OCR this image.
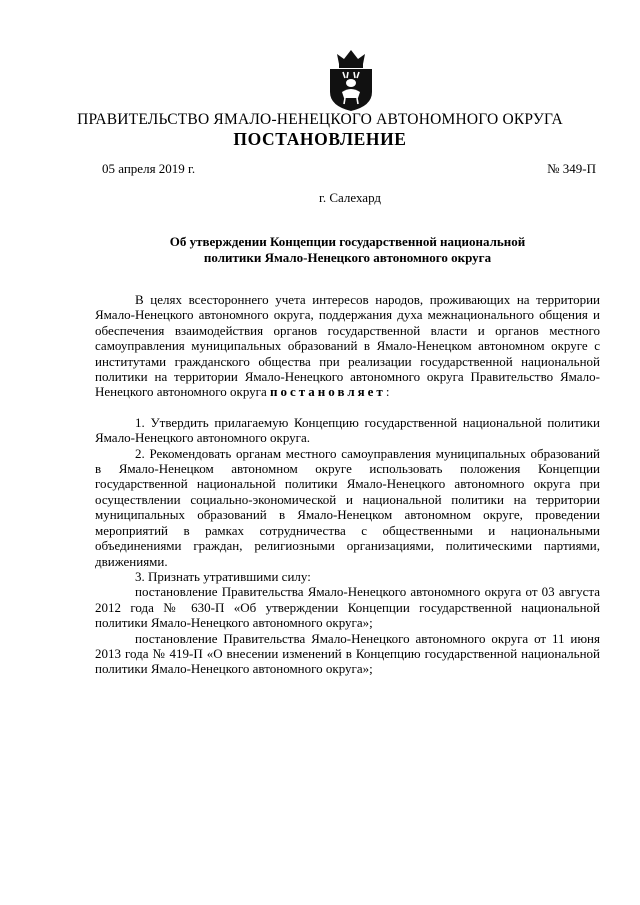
ПРАВИТЕЛЬСТВО ЯМАЛО-НЕНЕЦКОГО АВТОНОМНОГО ОКРУГА
ПОСТАНОВЛЕНИЕ
05 апреля 2019 г.	№ 349-П
г. Салехард
Об утверждении Концепции государственной национальной
политики Ямало-Ненецкого автономного округа

В целях всестороннего учета интересов народов, проживающих на территории Ямало-Ненецкого автономного округа, поддержания духа межнационального общения и обеспечения взаимодействия органов государственной власти и органов местного самоуправления муниципальных образований в Ямало-Ненецком автономном округе с институтами гражданского общества при реализации государственной национальной политики на территории Ямало-Ненецкого автономного округа Правительство Ямало-Ненецкого автономного округа постановляет:

1. Утвердить прилагаемую Концепцию государственной национальной политики Ямало-Ненецкого автономного округа.

2. Рекомендовать органам местного самоуправления муниципальных образований в Ямало-Ненецком автономном округе использовать положения Концепции государственной национальной политики Ямало-Ненецкого автономного округа при осуществлении социально-экономической и национальной политики на территории муниципальных образований в Ямало-Ненецком автономном округе, проведении мероприятий в рамках сотрудничества с общественными и национальными объединениями граждан, религиозными организациями, политическими партиями, движениями.

3. Признать утратившими силу:

постановление Правительства Ямало-Ненецкого автономного округа от 03 августа 2012 года № 630-П «Об утверждении Концепции государственной национальной политики Ямало-Ненецкого автономного округа»;

постановление Правительства Ямало-Ненецкого автономного округа от 11 июня 2013 года № 419-П «О внесении изменений в Концепцию государственной национальной политики Ямало-Ненецкого автономного округа»;
